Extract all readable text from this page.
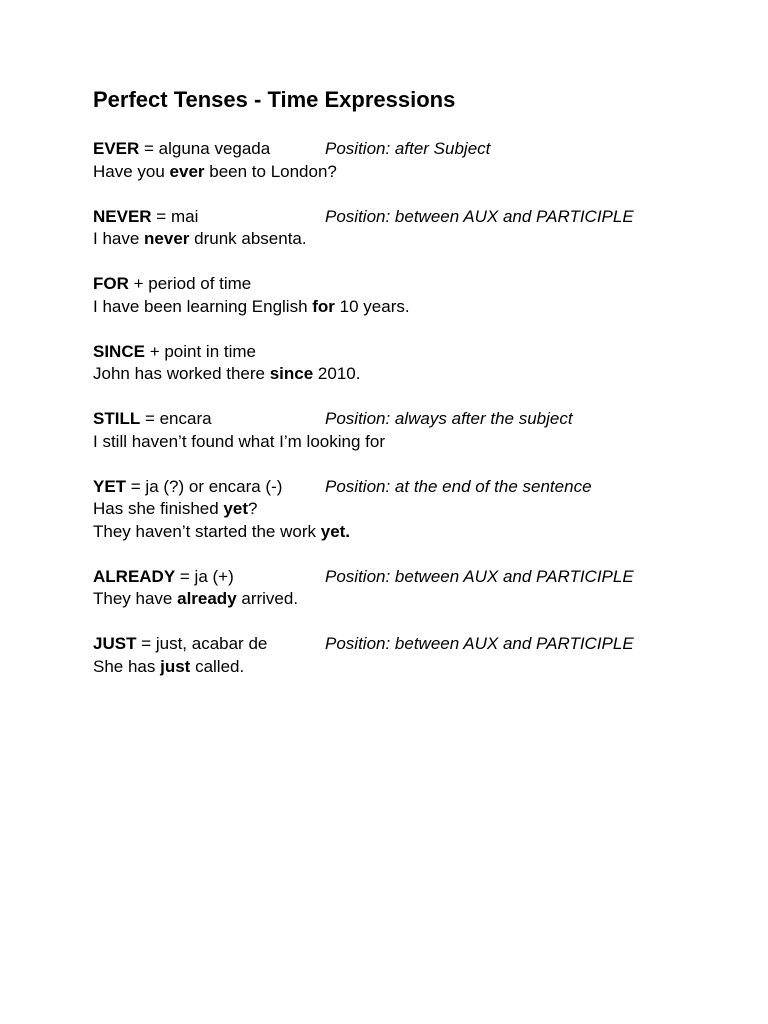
Perfect Tenses - Time Expressions
EVER = alguna vegada	Position: after Subject
Have you ever been to London?
NEVER = mai	Position: between AUX and PARTICIPLE
I have never drunk absenta.
FOR + period of time
I have been learning English for 10 years.
SINCE + point in time
John has worked there since 2010.
STILL = encara	Position: always after the subject
I still haven’t found what I’m looking for
YET = ja (?) or encara (-)	Position: at the end of the sentence
Has she finished yet?
They haven’t started the work yet.
ALREADY = ja (+)	Position: between AUX and PARTICIPLE
They have already arrived.
JUST = just, acabar de	Position: between AUX and PARTICIPLE
She has just called.
